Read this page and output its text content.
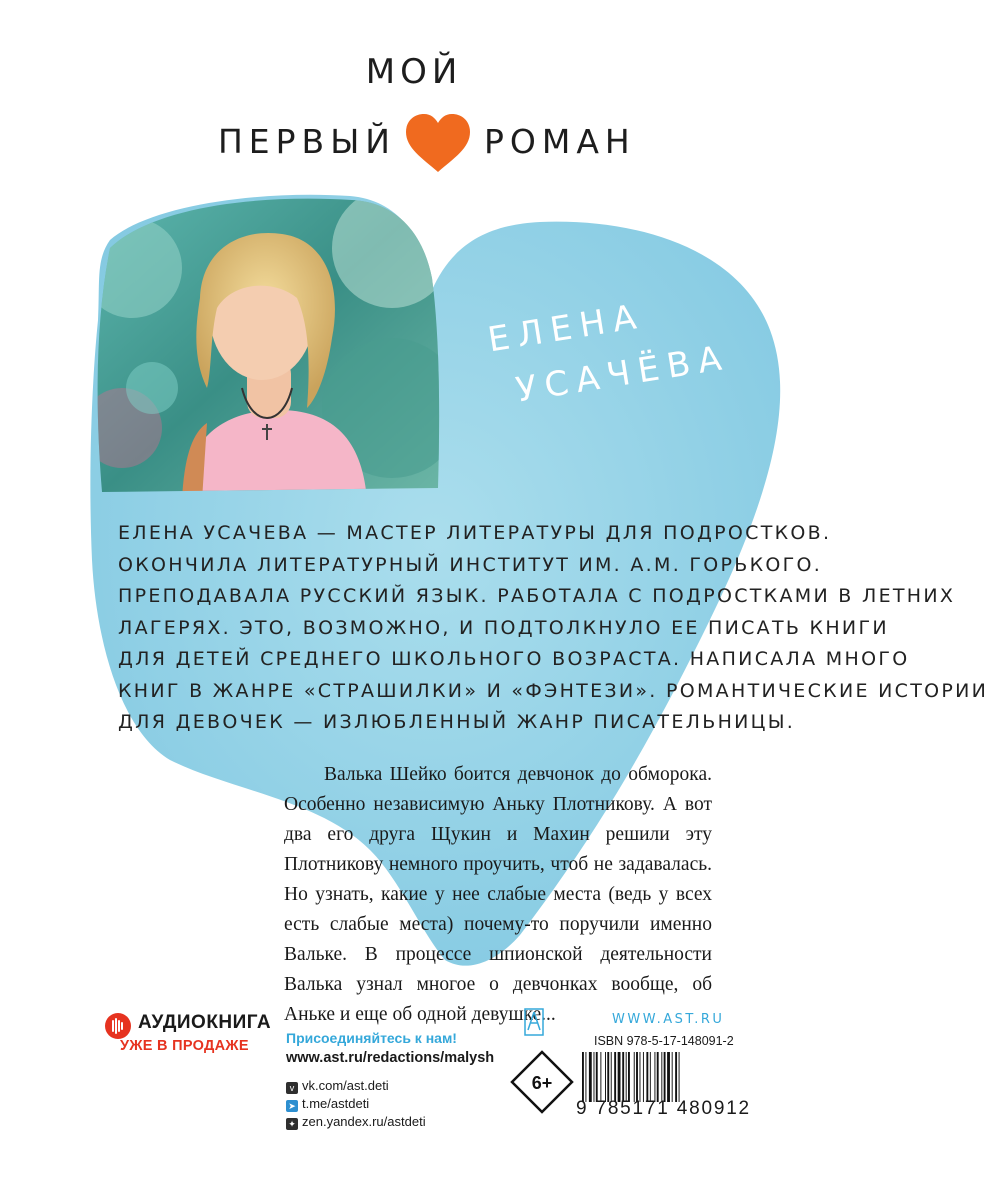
МОЙ
ПЕРВЫЙ	РОМАН
ЕЛЕНА
УСАЧЁВА

ЕЛЕНА УСАЧЕВА — МАСТЕР ЛИТЕРАТУРЫ ДЛЯ ПОДРОСТКОВ.

ОКОНЧИЛА ЛИТЕРАТУРНЫЙ ИНСТИТУТ ИМ. А.М. ГОРЬКОГО.

ПРЕПОДАВАЛА РУССКИЙ ЯЗЫК. РАБОТАЛА С ПОДРОСТКАМИ В ЛЕТНИХ

ЛАГЕРЯХ. ЭТО, ВОЗМОЖНО, И ПОДТОЛКНУЛО ЕЕ ПИСАТЬ КНИГИ

ДЛЯ ДЕТЕЙ СРЕДНЕГО ШКОЛЬНОГО ВОЗРАСТА. НАПИСАЛА МНОГО

КНИГ В ЖАНРЕ «СТРАШИЛКИ» И «ФЭНТЕЗИ». РОМАНТИЧЕСКИЕ ИСТОРИИ

ДЛЯ ДЕВОЧЕК — ИЗЛЮБЛЕННЫЙ ЖАНР ПИСАТЕЛЬНИЦЫ.

Валька Шейко боится девчонок до обморока. Особенно независимую Аньку Плотникову. А вот два его друга Щукин и Махин решили эту Плотникову немного проучить, чтоб не задавалась. Но узнать, какие у нее слабые места (ведь у всех есть слабые места) почему-то поручили именно Вальке. В процессе шпионской деятельности Валька узнал многое о девчонках вообще, об Аньке и еще об одной девушке...

АУДИОКНИГА
УЖЕ В ПРОДАЖЕ	Присоединяйтесь к нам!
www.ast.ru/redactions/malysh
v vk.com/ast.deti
➤ t.me/astdeti
✦ zen.yandex.ru/astdeti
6+
WWW.AST.RU
ISBN 978-5-17-148091-2
9 785171 480912
